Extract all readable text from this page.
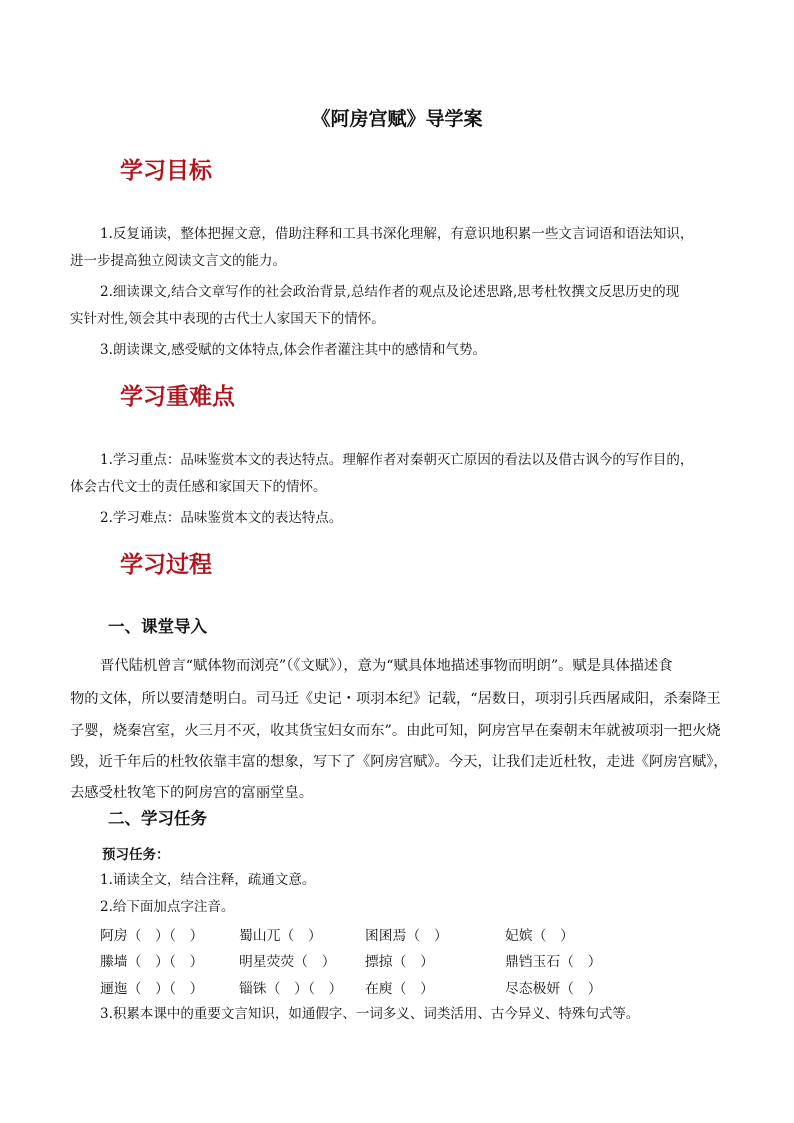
《阿房宫赋》导学案
学习目标
1.反复诵读，整体把握文意，借助注释和工具书深化理解，有意识地积累一些文言词语和语法知识，
进一步提高独立阅读文言文的能力。
2.细读课文,结合文章写作的社会政治背景,总结作者的观点及论述思路,思考杜牧撰文反思历史的现
实针对性,领会其中表现的古代士人家国天下的情怀。
3.朗读课文,感受赋的文体特点,体会作者灌注其中的感情和气势。
学习重难点
1.学习重点：品味鉴赏本文的表达特点。理解作者对秦朝灭亡原因的看法以及借古讽今的写作目的，
体会古代文士的责任感和家国天下的情怀。
2.学习难点：品味鉴赏本文的表达特点。
学习过程
一、课堂导入
晋代陆机曾言“赋体物而浏亮”（《文赋》），意为“赋具体地描述事物而明朗”。赋是具体描述食
物的文体，所以要清楚明白。司马迁《史记・项羽本纪》记载，“居数日，项羽引兵西屠咸阳，杀秦降王
子婴，烧秦宫室，火三月不灭，收其货宝妇女而东”。由此可知，阿房宫早在秦朝末年就被项羽一把火烧
毁，近千年后的杜牧依靠丰富的想象，写下了《阿房宫赋》。今天，让我们走近杜牧，走进《阿房宫赋》，
去感受杜牧笔下的阿房宫的富丽堂皇。
二、学习任务
预习任务：
1.诵读全文，结合注释，疏通文意。
2.给下面加点字注音。
阿房（　）（　）	蜀山兀（　）	囷囷焉（　）	妃嫔（　）
縢墙（　）（　）	明星荧荧（　） 摽掠（　）	鼎铛玉石（　）
逦迤（　）（　）	锱铢（　）（　） 在庾（　）	尽态极妍（　）
3.积累本课中的重要文言知识，如通假字、一词多义、词类活用、古今异义、特殊句式等。
